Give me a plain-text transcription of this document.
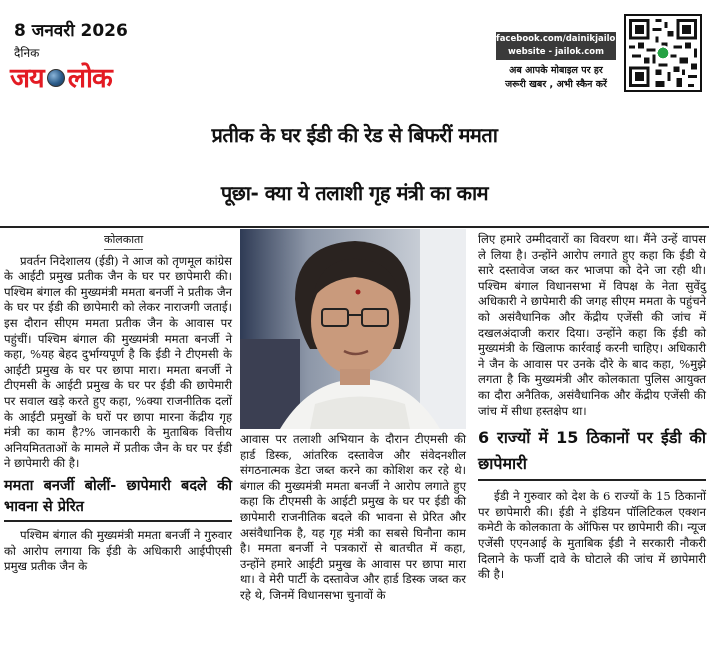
8 जनवरी 2026
दैनिक
जय लोक
facebook.com/dainikjailok
website - jailok.com
अब आपके मोबाइल पर हर
जरूरी खबर , अभी स्कैन करें
प्रतीक के घर ईडी की रेड से बिफरीं ममता
पूछा- क्या ये तलाशी गृह मंत्री का काम
कोलकाता

प्रवर्तन निदेशालय (ईडी) ने आज को तृणमूल कांग्रेस के आईटी प्रमुख प्रतीक जैन के घर पर छापेमारी की। पश्चिम बंगाल की मुख्यमंत्री ममता बनर्जी ने प्रतीक जैन के घर पर ईडी की छापेमारी को लेकर नाराजगी जताई। इस दौरान सीएम ममता प्रतीक जैन के आवास पर पहुंचीं। पश्चिम बंगाल की मुख्यमंत्री ममता बनर्जी ने कहा, %यह बेहद दुर्भाग्यपूर्ण है कि ईडी ने टीएमसी के आईटी प्रमुख के घर पर छापा मारा। ममता बनर्जी ने टीएमसी के आईटी प्रमुख के घर पर ईडी की छापेमारी पर सवाल खड़े करते हुए कहा, %क्या राजनीतिक दलों के आईटी प्रमुखों के घरों पर छापा मारना केंद्रीय गृह मंत्री का काम है?% जानकारी के मुताबिक वित्तीय अनियमितताओं के मामले में प्रतीक जैन के घर पर ईडी ने छापेमारी की है।

ममता बनर्जी बोलीं- छापेमारी बदले की भावना से प्रेरित

पश्चिम बंगाल की मुख्यमंत्री ममता बनर्जी ने गुरुवार को आरोप लगाया कि ईडी के अधिकारी आईपीएसी प्रमुख प्रतीक जैन के

आवास पर तलाशी अभियान के दौरान टीएमसी की हार्ड डिस्क, आंतरिक दस्तावेज और संवेदनशील संगठनात्मक डेटा जब्त करने का कोशिश कर रहे थे। बंगाल की मुख्यमंत्री ममता बनर्जी ने आरोप लगाते हुए कहा कि टीएमसी के आईटी प्रमुख के घर पर ईडी की छापेमारी राजनीतिक बदले की भावना से प्रेरित और असंवैधानिक है, यह गृह मंत्री का सबसे घिनौना काम है। ममता बनर्जी ने पत्रकारों से बातचीत में कहा, उन्होंने हमारे आईटी प्रमुख के आवास पर छापा मारा था। वे मेरी पार्टी के दस्तावेज और हार्ड डिस्क जब्त कर रहे थे, जिनमें विधानसभा चुनावों के

लिए हमारे उम्मीदवारों का विवरण था। मैंने उन्हें वापस ले लिया है। उन्होंने आरोप लगाते हुए कहा कि ईडी ये सारे दस्तावेज जब्त कर भाजपा को देने जा रही थी। पश्चिम बंगाल विधानसभा में विपक्ष के नेता सुवेंदु अधिकारी ने छापेमारी की जगह सीएम ममता के पहुंचने को असंवैधानिक और केंद्रीय एजेंसी की जांच में दखलअंदाजी करार दिया। उन्होंने कहा कि ईडी को मुख्यमंत्री के खिलाफ कार्रवाई करनी चाहिए। अधिकारी ने जैन के आवास पर उनके दौरे के बाद कहा, %मुझे लगता है कि मुख्यमंत्री और कोलकाता पुलिस आयुक्त का दौरा अनैतिक, असंवैधानिक और केंद्रीय एजेंसी की जांच में सीधा हस्तक्षेप था।

6 राज्यों में 15 ठिकानों पर ईडी की छापेमारी

ईडी ने गुरुवार को देश के 6 राज्यों के 15 ठिकानों पर छापेमारी की। ईडी ने इंडियन पॉलिटिकल एक्शन कमेटी के कोलकाता के ऑफिस पर छापेमारी की। न्यूज एजेंसी एएनआई के मुताबिक ईडी ने सरकारी नौकरी दिलाने के फर्जी दावे के घोटाले की जांच में छापेमारी की है।
